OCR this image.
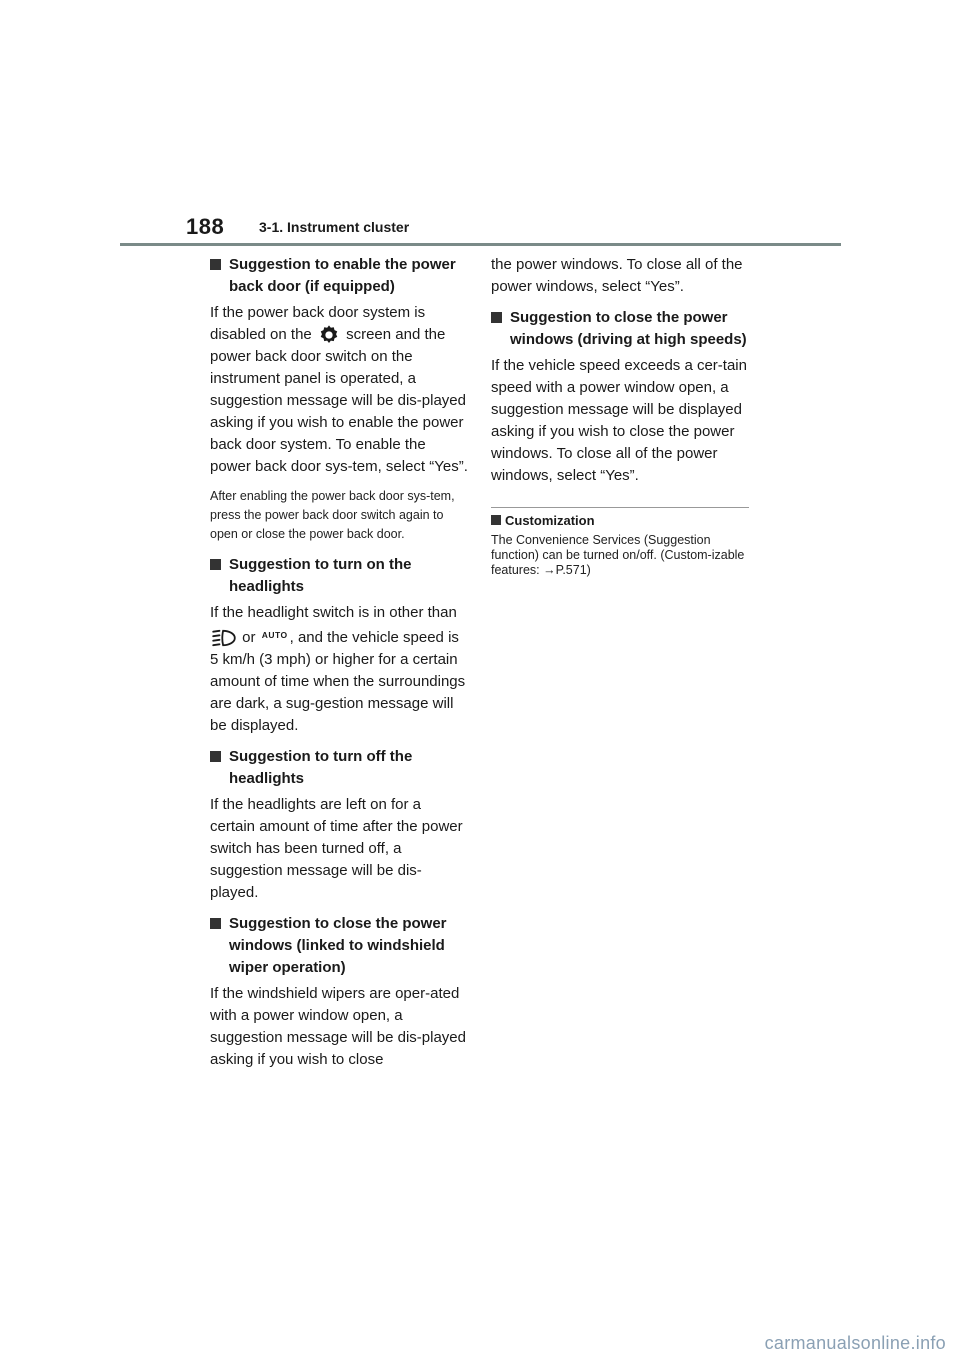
188 3-1. Instrument cluster
Suggestion to enable the power back door (if equipped)

If the power back door system is disabled on the screen and the power back door switch on the instrument panel is operated, a suggestion message will be dis-played asking if you wish to enable the power back door system. To enable the power back door sys-tem, select “Yes”.

After enabling the power back door sys-tem, press the power back door switch again to open or close the power back door.

Suggestion to turn on the headlights

If the headlight switch is in other than  or AUTO , and the vehicle speed is 5 km/h (3 mph) or higher for a certain amount of time when the surroundings are dark, a sug-gestion message will be displayed.

Suggestion to turn off the headlights

If the headlights are left on for a certain amount of time after the power switch has been turned off, a suggestion message will be dis-played.

Suggestion to close the power windows (linked to windshield wiper operation)

If the windshield wipers are oper-ated with a power window open, a suggestion message will be dis-played asking if you wish to close

the power windows. To close all of the power windows, select “Yes”.

Suggestion to close the power windows (driving at high speeds)

If the vehicle speed exceeds a cer-tain speed with a power window open, a suggestion message will be displayed asking if you wish to close the power windows. To close all of the power windows, select “Yes”.

Customization

The Convenience Services (Suggestion function) can be turned on/off. (Custom-izable features: →P.571)

carmanualsonline.info
